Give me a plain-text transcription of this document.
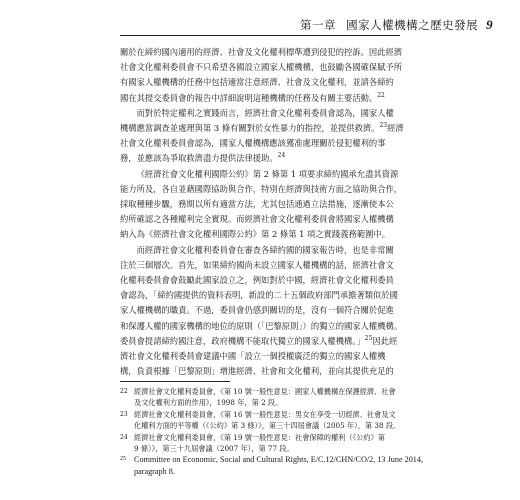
第一章 國家人權機構之歷史發展 9

關於在締約國內適用的經濟、社會及文化權利標準遭到侵犯的控訴。因此經濟

社會文化權利委員會不只希望各國設立國家人權機構，也鼓勵各國確保賦予所

有國家人權機構的任務中包括適當注意經濟、社會及文化權利，並請各締約

國在其提交委員會的報告中詳細說明這種機構的任務及有關主要活動。$^{22}$

而對於特定權利之實踐而言，經濟社會文化權利委員會認為，國家人權

機構應當調查並處理與第 3 條有關對於女性暴力的指控，並提供救濟。$^{23}$經濟

社會文化權利委員會認為，國家人權機構應該獲准處理關於侵犯權利的事

務，並應該為爭取救濟盡力提供法律援助。$^{24}$

《經濟社會文化權利國際公約》第 2 條第 1 項要求締約國承允盡其資源

能力所及，各自並藉國際協助與合作，特別在經濟與技術方面之協助與合作，

採取種種步驟，務期以所有適當方法，尤其包括通過立法措施，逐漸使本公

約所確認之各種權利完全實現。而經濟社會文化權利委員會將國家人權機構

納入為《經濟社會文化權利國際公約》第 2 條第 1 項之實踐義務範圍中。

而經濟社會文化權利委員會在審查各締約國的國家報告時，也是非常關

注於三個層次。首先，如果締約國尚未設立國家人權機構的話，經濟社會文

化權利委員會會鼓勵此國家設立之，例如對於中國，經濟社會文化權利委員

會認為，「締約國提供的資料表明，新設的二十五個政府部門承擔著類似於國

家人權機構的職責。不過，委員會仍感到關切的是，沒有一個符合關於促進

和保護人權的國家機構的地位的原則（「巴黎原則」）的獨立的國家人權機構。

委員會提請締約國注意，政府機構不能取代獨立的國家人權機構。」$^{25}$因此經

濟社會文化權利委員會建議中國「設立一個授權廣泛的獨立的國家人權機

構，負責根據「巴黎原則」增進經濟、社會和文化權利，並向其提供充足的

22 經濟社會文化權利委員會，《第 10 號一般性意見：國家人權機構在保護經濟、社會
及文化權利方面的作用》，1998 年，第 2 段。
23 經濟社會文化權利委員會，《第 16 號一般性意見：男女在享受一切經濟、社會及文
化權利方面的平等權（《公約》第 3 條）》，第三十四屆會議（2005 年），第 38 段。
24 經濟社會文化權利委員會，《第 19 號一般性意見：社會保障的權利（《公約》第
9 條）》，第三十九屆會議（2007 年），第 77 段。
25 Committee on Economic, Social and Cultural Rights, E/C.12/CHN/CO/2, 13 June 2014,
paragraph 8.
